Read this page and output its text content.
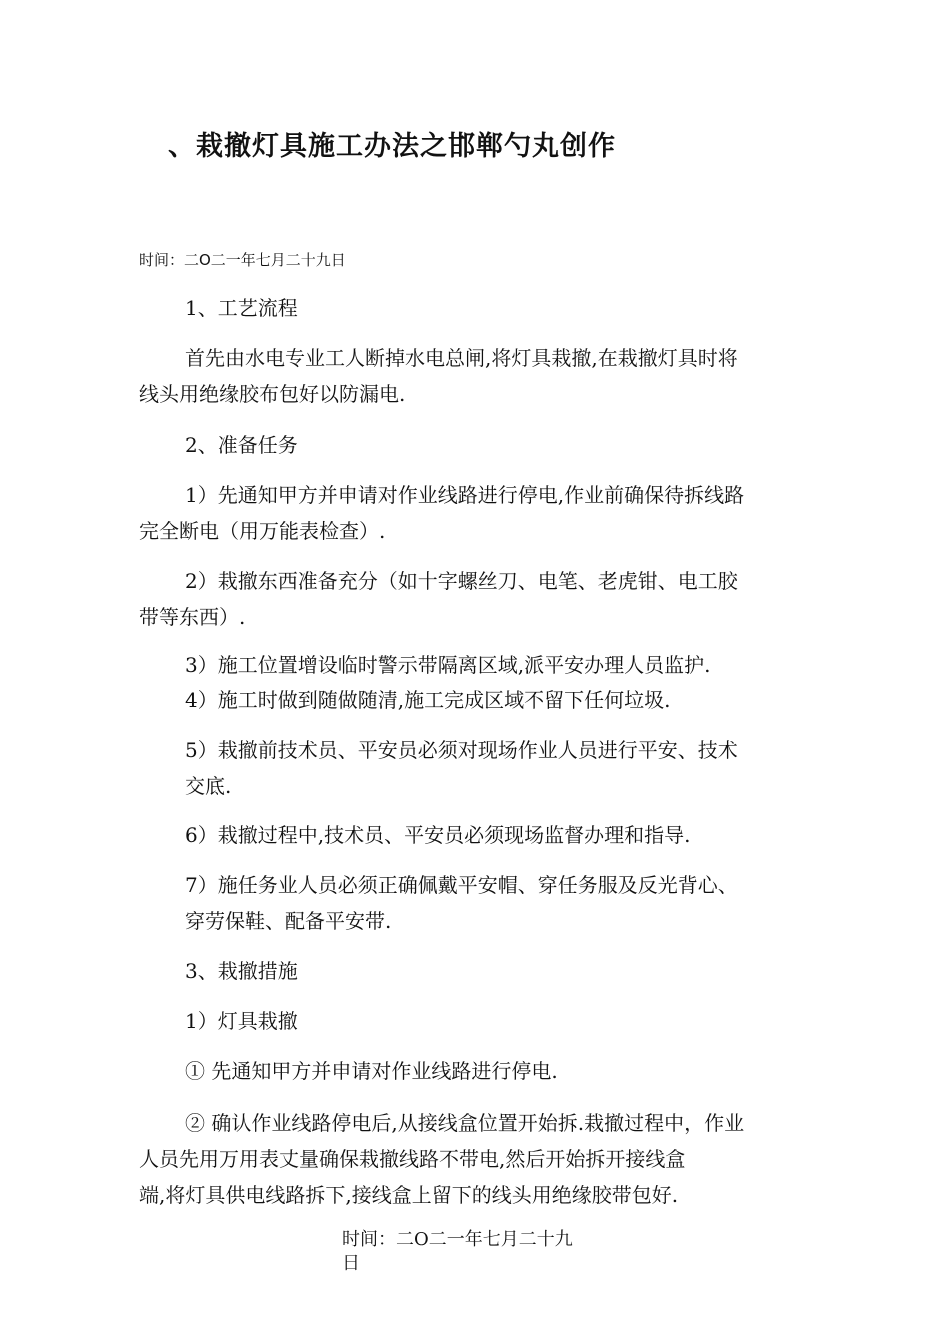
、栽撤灯具施工办法之邯郸勺丸创作
时间：二O二一年七月二十九日
1、工艺流程
首先由水电专业工人断掉水电总闸,将灯具栽撤,在栽撤灯具时将
线头用绝缘胶布包好以防漏电.
2、准备任务
1）先通知甲方并申请对作业线路进行停电,作业前确保待拆线路
完全断电（用万能表检查）.
2）栽撤东西准备充分（如十字螺丝刀、电笔、老虎钳、电工胶
带等东西）.
3）施工位置增设临时警示带隔离区域,派平安办理人员监护.
4）施工时做到随做随清,施工完成区域不留下任何垃圾.
5）栽撤前技术员、平安员必须对现场作业人员进行平安、技术
交底.
6）栽撤过程中,技术员、平安员必须现场监督办理和指导.
7）施任务业人员必须正确佩戴平安帽、穿任务服及反光背心、
穿劳保鞋、配备平安带.
3、栽撤措施
1）灯具栽撤
① 先通知甲方并申请对作业线路进行停电.
② 确认作业线路停电后,从接线盒位置开始拆.栽撤过程中，作业
人员先用万用表丈量确保栽撤线路不带电,然后开始拆开接线盒
端,将灯具供电线路拆下,接线盒上留下的线头用绝缘胶带包好.
时间：二O二一年七月二十九
日
